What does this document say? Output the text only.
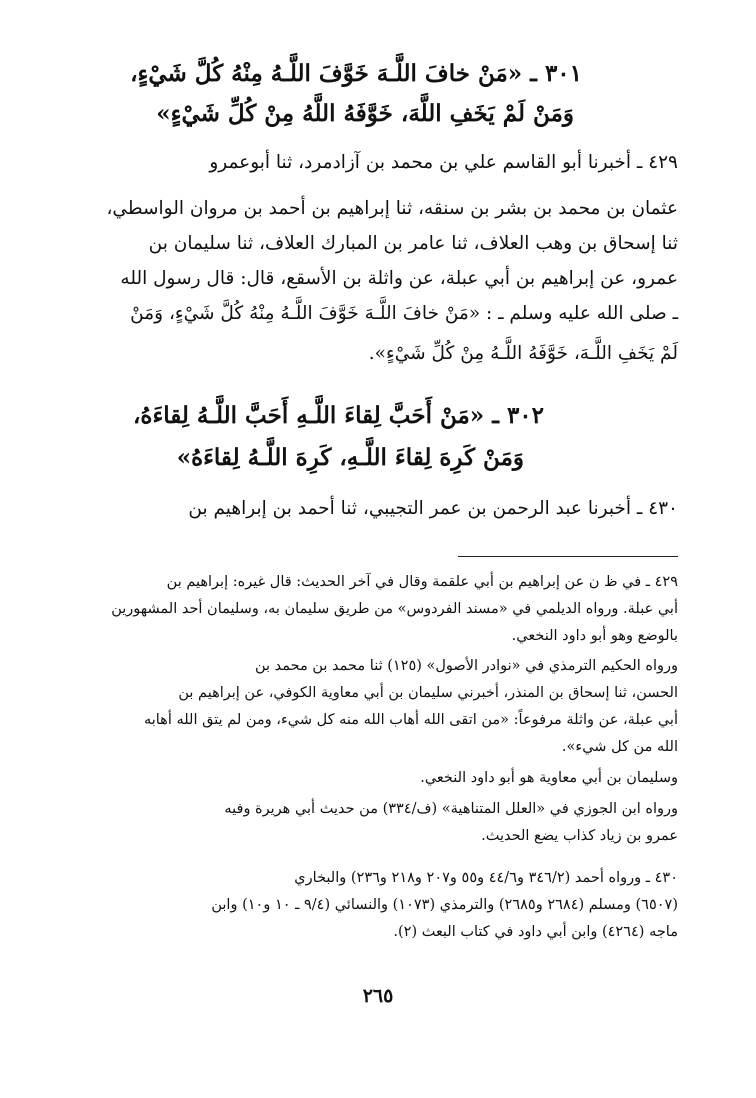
٣٠١ ـ «مَنْ خافَ اللَّـهَ خَوَّفَ اللَّـهُ مِنْهُ كُلَّ شَيْءٍ،
وَمَنْ لَمْ يَخَفِ اللَّهَ، خَوَّفَهُ اللَّهُ مِنْ كُلِّ شَيْءٍ»
٤٢٩ ـ أخبرنا أبو القاسم علي بن محمد بن آزادمرد، ثنا أبوعمرو
عثمان بن محمد بن بشر بن سنقه، ثنا إبراهيم بن أحمد بن مروان الواسطي،
ثنا إسحاق بن وهب العلاف، ثنا عامر بن المبارك العلاف، ثنا سليمان بن
عمرو، عن إبراهيم بن أبي عبلة، عن واثلة بن الأسقع، قال: قال رسول الله
ـ صلى الله عليه وسلم ـ : «مَنْ خافَ اللَّـهَ خَوَّفَ اللَّـهُ مِنْهُ كُلَّ شَيْءٍ، وَمَنْ
لَمْ يَخَفِ اللَّـهَ، خَوَّفَهُ اللَّـهُ مِنْ كُلِّ شَيْءٍ».
٣٠٢ ـ «مَنْ أَحَبَّ لِقاءَ اللَّـهِ أَحَبَّ اللَّـهُ لِقاءَهُ،
وَمَنْ كَرِهَ لِقاءَ اللَّـهِ، كَرِهَ اللَّـهُ لِقاءَهُ»
٤٣٠ ـ أخبرنا عبد الرحمن بن عمر التجيبي، ثنا أحمد بن إبراهيم بن
٤٢٩ ـ في ظ ن عن إبراهيم بن أبي علقمة وقال في آخر الحديث: قال غيره: إبراهيم بن
أبي عبلة. ورواه الديلمي في «مسند الفردوس» من طريق سليمان به، وسليمان أحد المشهورين
بالوضع وهو أبو داود النخعي.
ورواه الحكيم الترمذي في «نوادر الأصول» (١٢٥) ثنا محمد بن محمد بن
الحسن، ثنا إسحاق بن المنذر، أخبرني سليمان بن أبي معاوية الكوفي، عن إبراهيم بن
أبي عبلة، عن واثلة مرفوعاً: «من اتقى الله أهاب الله منه كل شيء، ومن لم يتق الله أهابه
الله من كل شيء».
وسليمان بن أبي معاوية هو أبو داود النخعي.
ورواه ابن الجوزي في «العلل المتناهية» (ف/٣٣٤) من حديث أبي هريرة وفيه
عمرو بن زياد كذاب يضع الحديث.
٤٣٠ ـ ورواه أحمد (٣٤٦/٢ و٤٤/٦ و٥٥ و٢٠٧ و٢١٨ و٢٣٦) والبخاري
(٦٥٠٧) ومسلم (٢٦٨٤ و٢٦٨٥) والترمذي (١٠٧٣) والنسائي (٩/٤ ـ ١٠ و١٠) وابن
ماجه (٤٢٦٤) وابن أبي داود في كتاب البعث (٢).
٢٦٥
